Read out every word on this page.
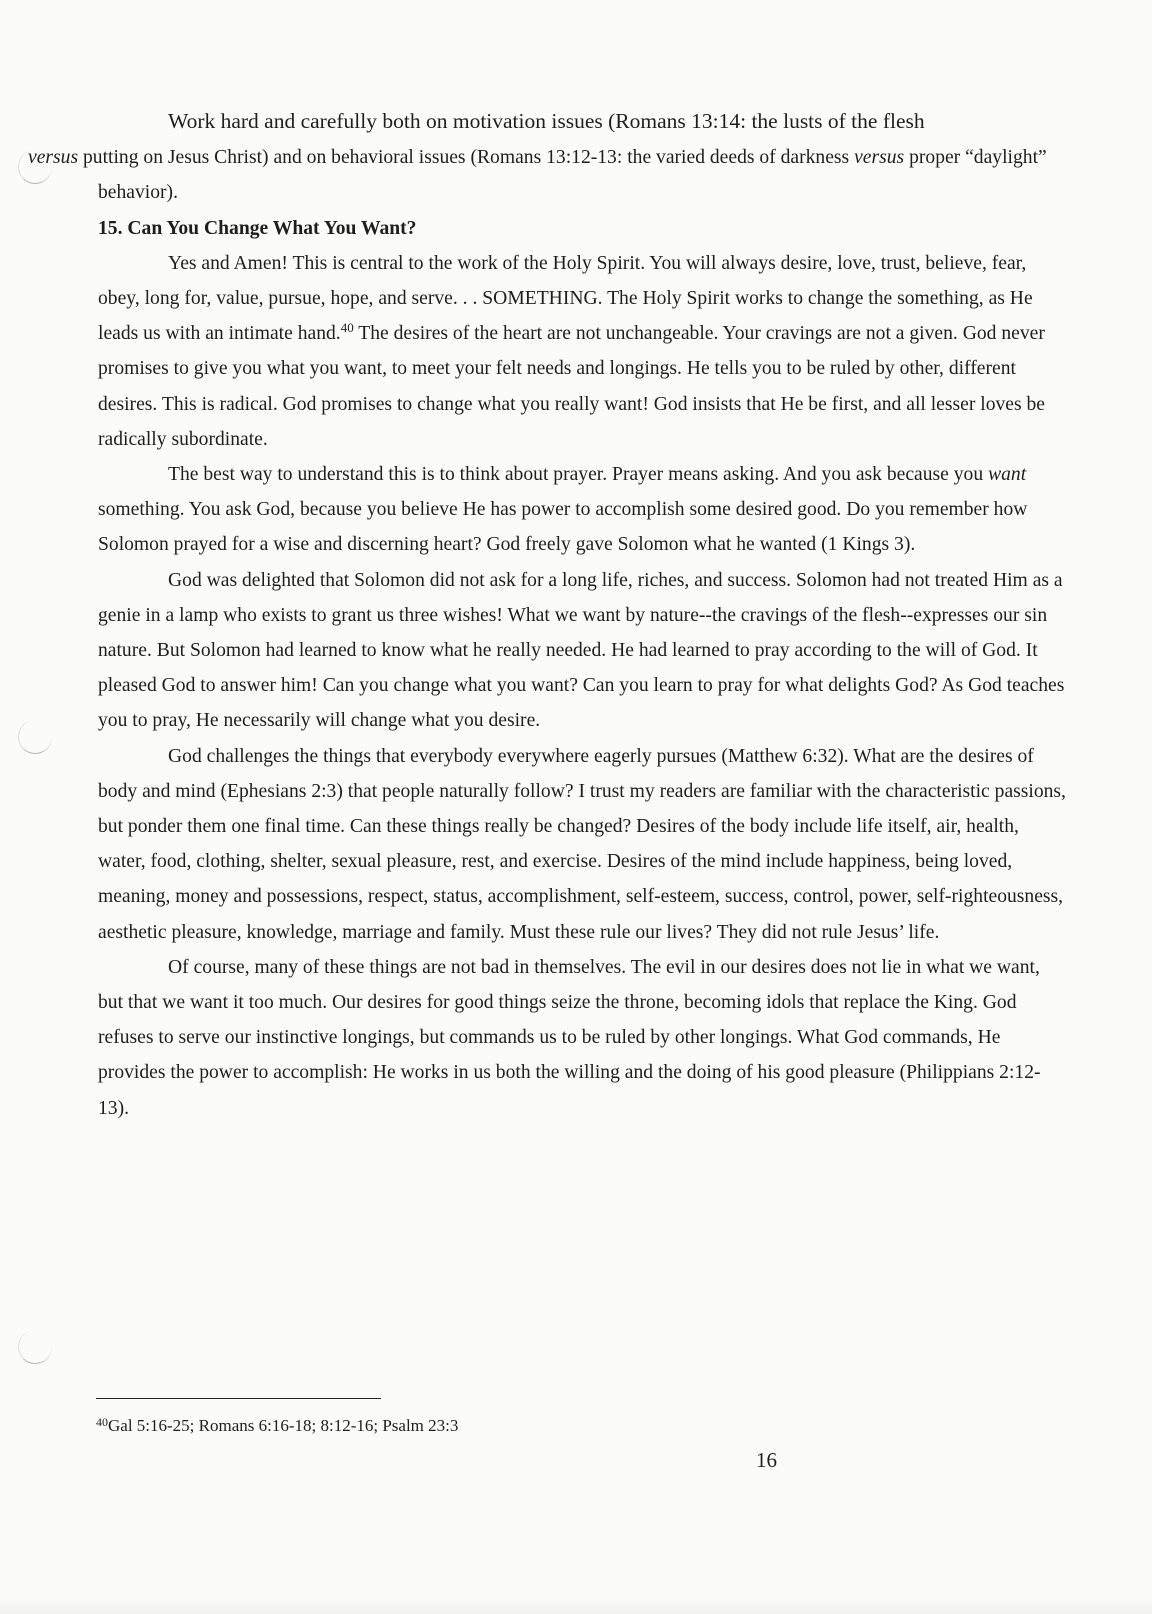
Work hard and carefully both on motivation issues (Romans 13:14: the lusts of the flesh
versus putting on Jesus Christ) and on behavioral issues (Romans 13:12-13: the varied deeds of darkness versus proper “daylight” behavior).

15. Can You Change What You Want?

Yes and Amen! This is central to the work of the Holy Spirit. You will always desire, love, trust, believe, fear, obey, long for, value, pursue, hope, and serve. . . SOMETHING. The Holy Spirit works to change the something, as He leads us with an intimate hand.$^{40}$ The desires of the heart are not unchangeable. Your cravings are not a given. God never promises to give you what you want, to meet your felt needs and longings. He tells you to be ruled by other, different desires. This is radical. God promises to change what you really want! God insists that He be first, and all lesser loves be radically subordinate.

The best way to understand this is to think about prayer. Prayer means asking. And you ask because you want something. You ask God, because you believe He has power to accomplish some desired good. Do you remember how Solomon prayed for a wise and discerning heart? God freely gave Solomon what he wanted (1 Kings 3).

God was delighted that Solomon did not ask for a long life, riches, and success. Solomon had not treated Him as a genie in a lamp who exists to grant us three wishes! What we want by nature--the cravings of the flesh--expresses our sin nature. But Solomon had learned to know what he really needed. He had learned to pray according to the will of God. It pleased God to answer him! Can you change what you want? Can you learn to pray for what delights God? As God teaches you to pray, He necessarily will change what you desire.

God challenges the things that everybody everywhere eagerly pursues (Matthew 6:32). What are the desires of body and mind (Ephesians 2:3) that people naturally follow? I trust my readers are familiar with the characteristic passions, but ponder them one final time. Can these things really be changed? Desires of the body include life itself, air, health, water, food, clothing, shelter, sexual pleasure, rest, and exercise. Desires of the mind include happiness, being loved, meaning, money and possessions, respect, status, accomplishment, self-esteem, success, control, power, self-righteousness, aesthetic pleasure, knowledge, marriage and family. Must these rule our lives? They did not rule Jesus’ life.

Of course, many of these things are not bad in themselves. The evil in our desires does not lie in what we want, but that we want it too much. Our desires for good things seize the throne, becoming idols that replace the King. God refuses to serve our instinctive longings, but commands us to be ruled by other longings. What God commands, He provides the power to accomplish: He works in us both the willing and the doing of his good pleasure (Philippians 2:12-13).

$^{40}$Gal 5:16-25; Romans 6:16-18; 8:12-16; Psalm 23:3
16
